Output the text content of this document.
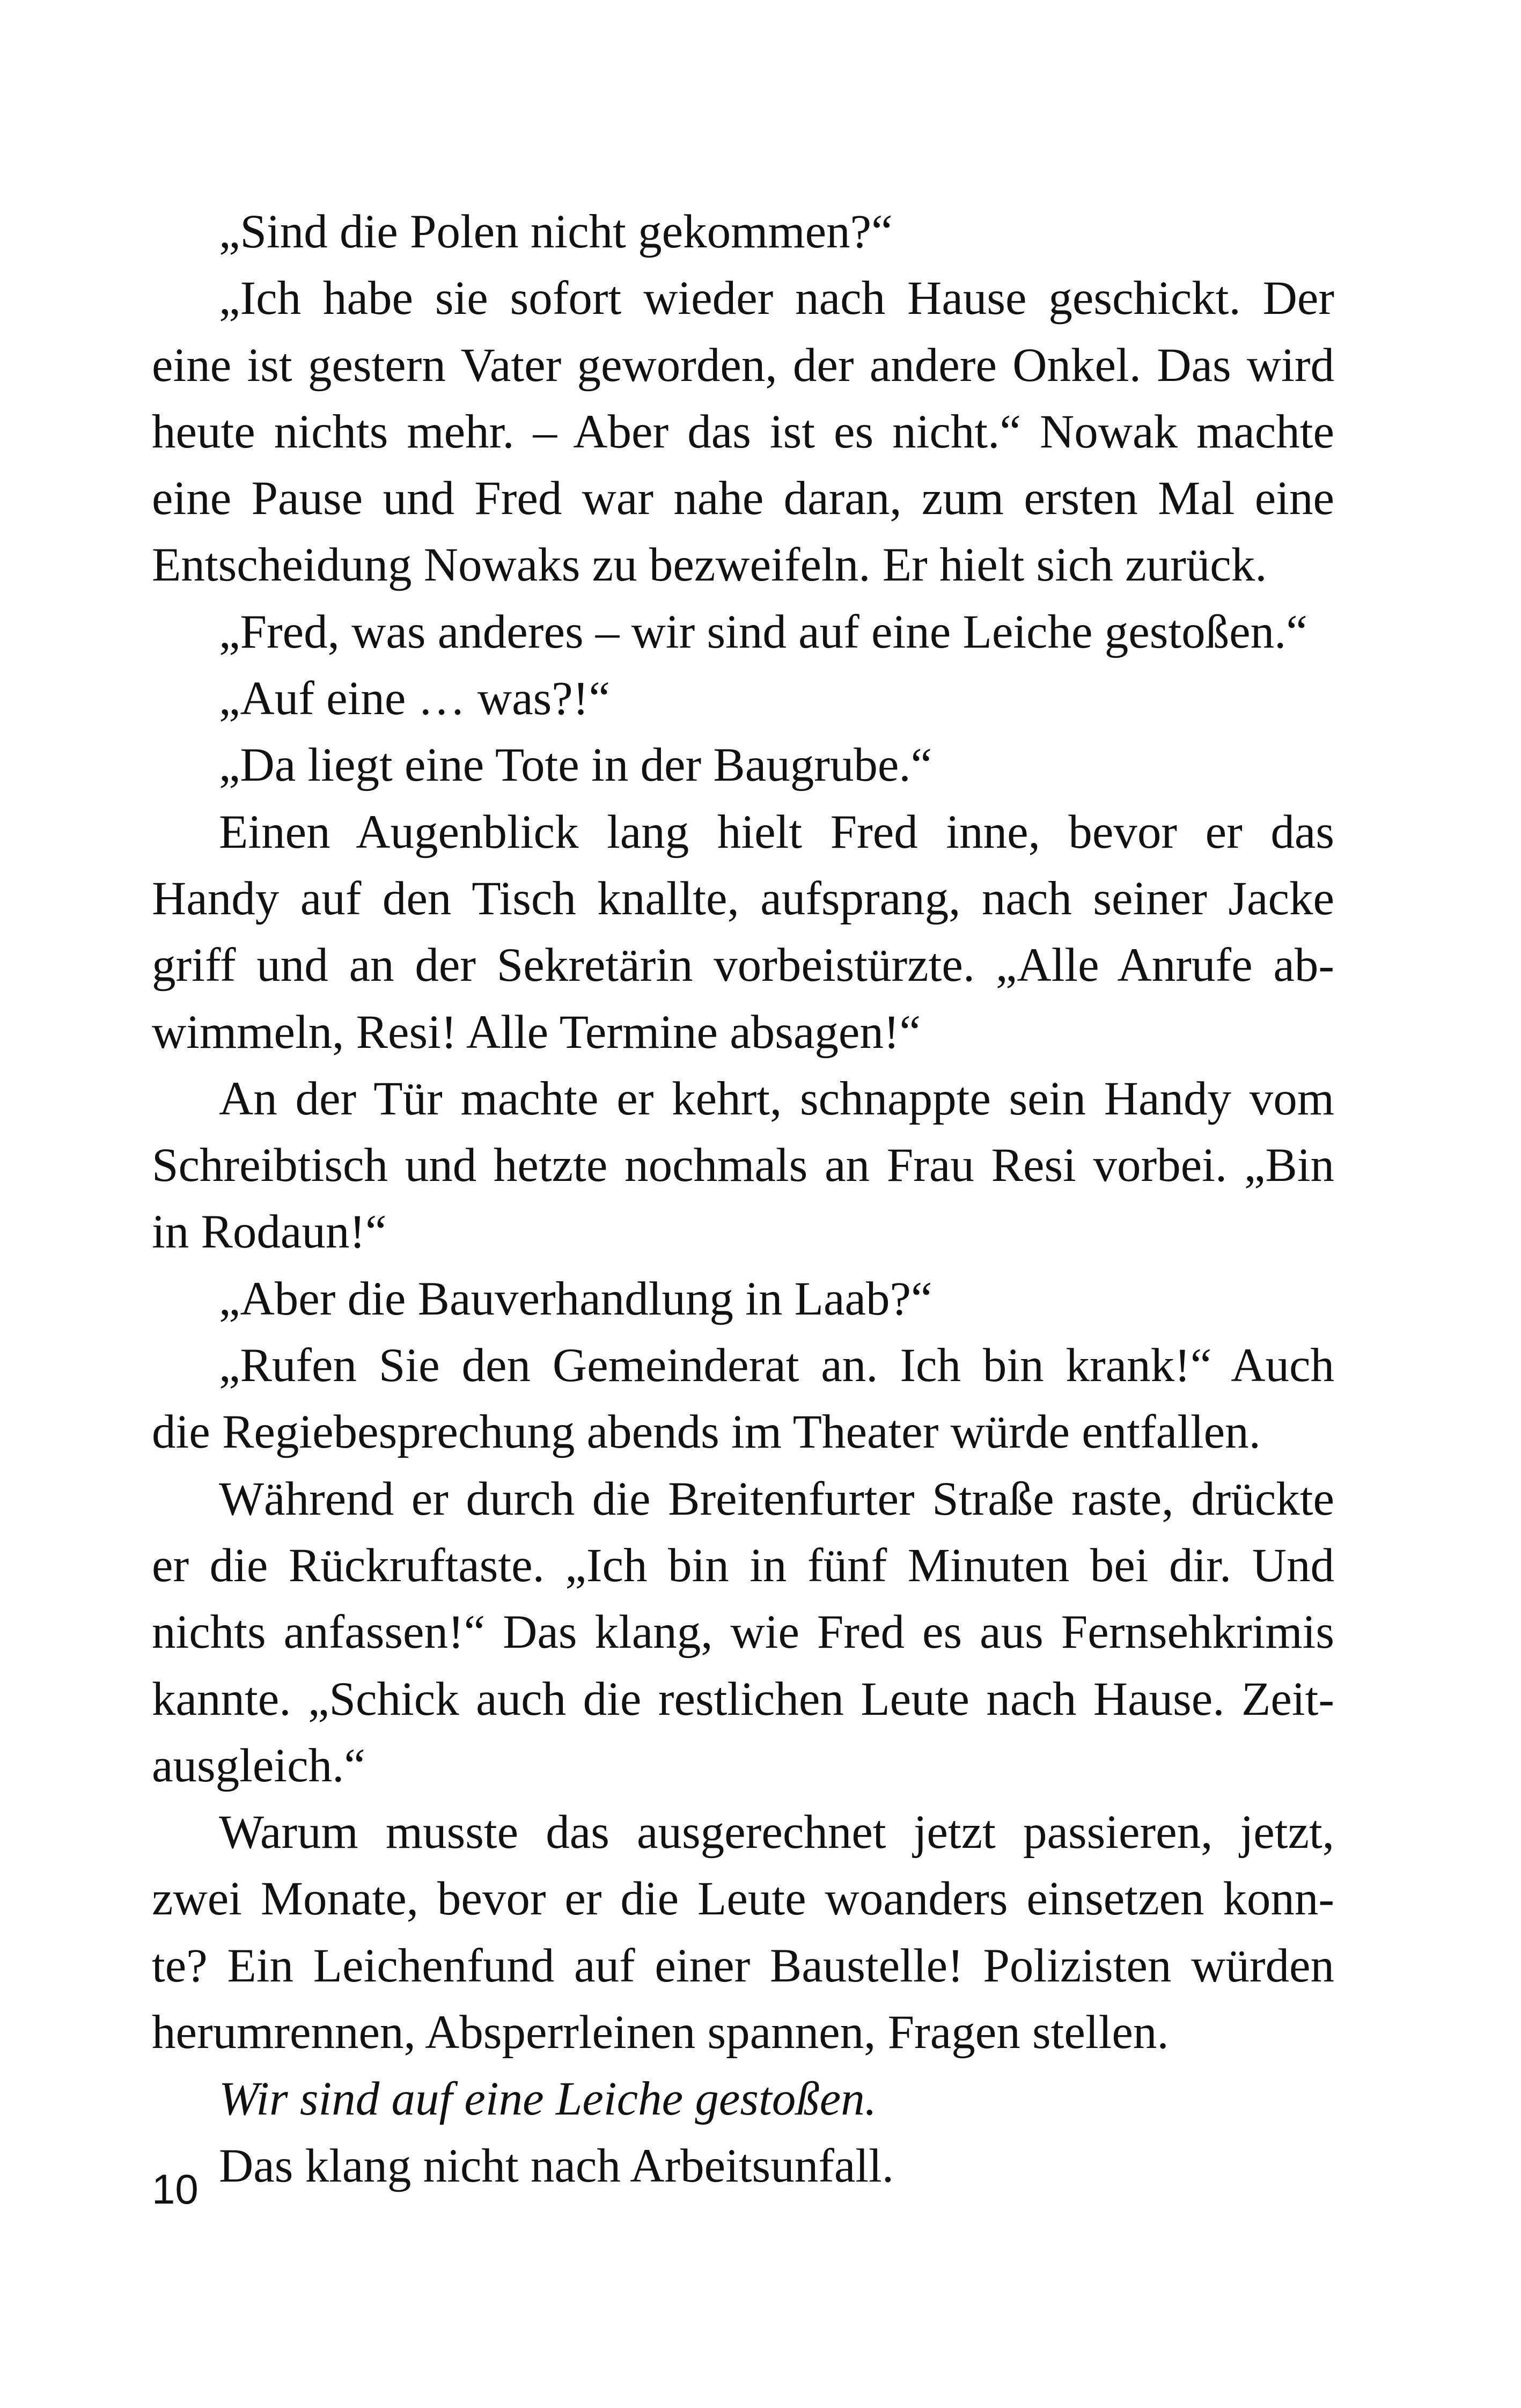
„Sind die Polen nicht gekommen?“

„Ich habe sie sofort wieder nach Hause geschickt. Der
eine ist gestern Vater geworden, der andere Onkel. Das wird
heute nichts mehr. – Aber das ist es nicht.“ Nowak machte
eine Pause und Fred war nahe daran, zum ersten Mal eine
Entscheidung Nowaks zu bezweifeln. Er hielt sich zurück.

„Fred, was anderes – wir sind auf eine Leiche gestoßen.“

„Auf eine … was?!“

„Da liegt eine Tote in der Baugrube.“

Einen Augenblick lang hielt Fred inne, bevor er das
Handy auf den Tisch knallte, aufsprang, nach seiner Jacke
griff und an der Sekretärin vorbeistürzte. „Alle Anrufe ab-
wimmeln, Resi! Alle Termine absagen!“

An der Tür machte er kehrt, schnappte sein Handy vom
Schreibtisch und hetzte nochmals an Frau Resi vorbei. „Bin
in Rodaun!“

„Aber die Bauverhandlung in Laab?“

„Rufen Sie den Gemeinderat an. Ich bin krank!“ Auch
die Regiebesprechung abends im Theater würde entfallen.

Während er durch die Breitenfurter Straße raste, drückte
er die Rückruftaste. „Ich bin in fünf Minuten bei dir. Und
nichts anfassen!“ Das klang, wie Fred es aus Fernsehkrimis
kannte. „Schick auch die restlichen Leute nach Hause. Zeit-
ausgleich.“

Warum musste das ausgerechnet jetzt passieren, jetzt,
zwei Monate, bevor er die Leute woanders einsetzen konn-
te? Ein Leichenfund auf einer Baustelle! Polizisten würden
herumrennen, Absperrleinen spannen, Fragen stellen.

Wir sind auf eine Leiche gestoßen.

Das klang nicht nach Arbeitsunfall.

10
